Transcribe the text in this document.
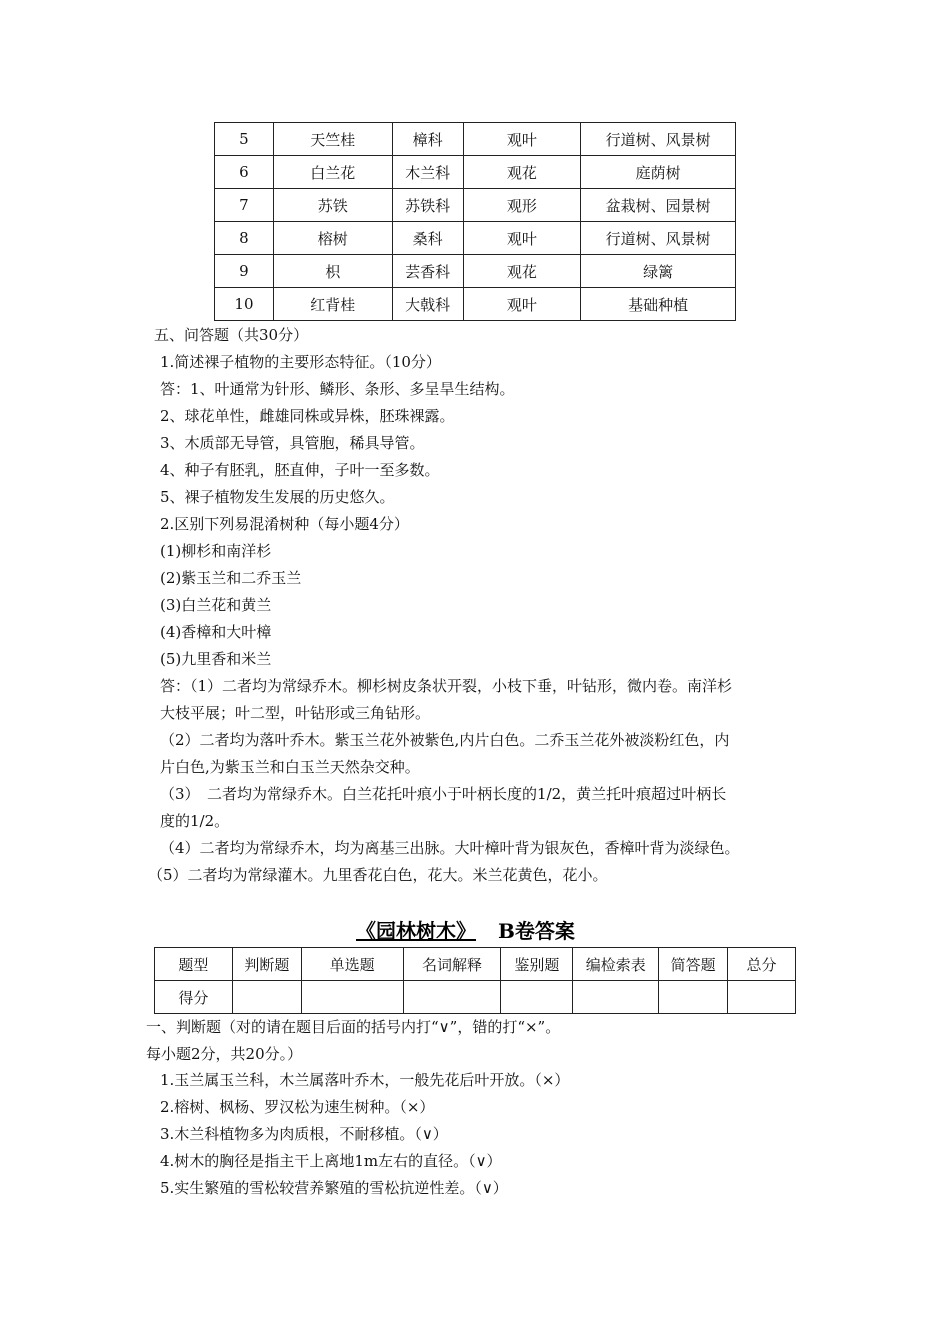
5	天竺桂	樟科	观叶	行道树、风景树
6	白兰花	木兰科	观花	庭荫树
7	苏铁	苏铁科	观形	盆栽树、园景树
8	榕树	桑科	观叶	行道树、风景树
9	枳	芸香科	观花	绿篱
10	红背桂	大戟科	观叶	基础种植
五、问答题（共30分）
1.简述裸子植物的主要形态特征。（10分）
答：1、叶通常为针形、鳞形、条形、多呈旱生结构。
2、球花单性，雌雄同株或异株，胚珠裸露。
3、木质部无导管，具管胞，稀具导管。
4、种子有胚乳，胚直伸，子叶一至多数。
5、裸子植物发生发展的历史悠久。
2.区别下列易混淆树种（每小题4分）
(1)柳杉和南洋杉
(2)紫玉兰和二乔玉兰
(3)白兰花和黄兰
(4)香樟和大叶樟
(5)九里香和米兰
答：（1）二者均为常绿乔木。柳杉树皮条状开裂，小枝下垂，叶钻形，微内卷。南洋杉
大枝平展；叶二型，叶钻形或三角钻形。
（2）二者均为落叶乔木。紫玉兰花外被紫色,内片白色。二乔玉兰花外被淡粉红色，内
片白色,为紫玉兰和白玉兰天然杂交种。
（3）　二者均为常绿乔木。白兰花托叶痕小于叶柄长度的1/2，黄兰托叶痕超过叶柄长
度的1/2。
（4）二者均为常绿乔木，均为离基三出脉。大叶樟叶背为银灰色，香樟叶背为淡绿色。
（5）二者均为常绿灌木。九里香花白色，花大。米兰花黄色，花小。
《园林树木》 B卷答案
题型	判断题	单选题	名词解释	鉴别题	编检索表	简答题	总分
得分							
一、判断题（对的请在题目后面的括号内打“∨”，错的打“×”。
每小题2分，共20分。）
1.玉兰属玉兰科，木兰属落叶乔木，一般先花后叶开放。（×）
2.榕树、枫杨、罗汉松为速生树种。（×）
3.木兰科植物多为肉质根，不耐移植。（∨）
4.树木的胸径是指主干上离地1m左右的直径。（∨）
5.实生繁殖的雪松较营养繁殖的雪松抗逆性差。（∨）
